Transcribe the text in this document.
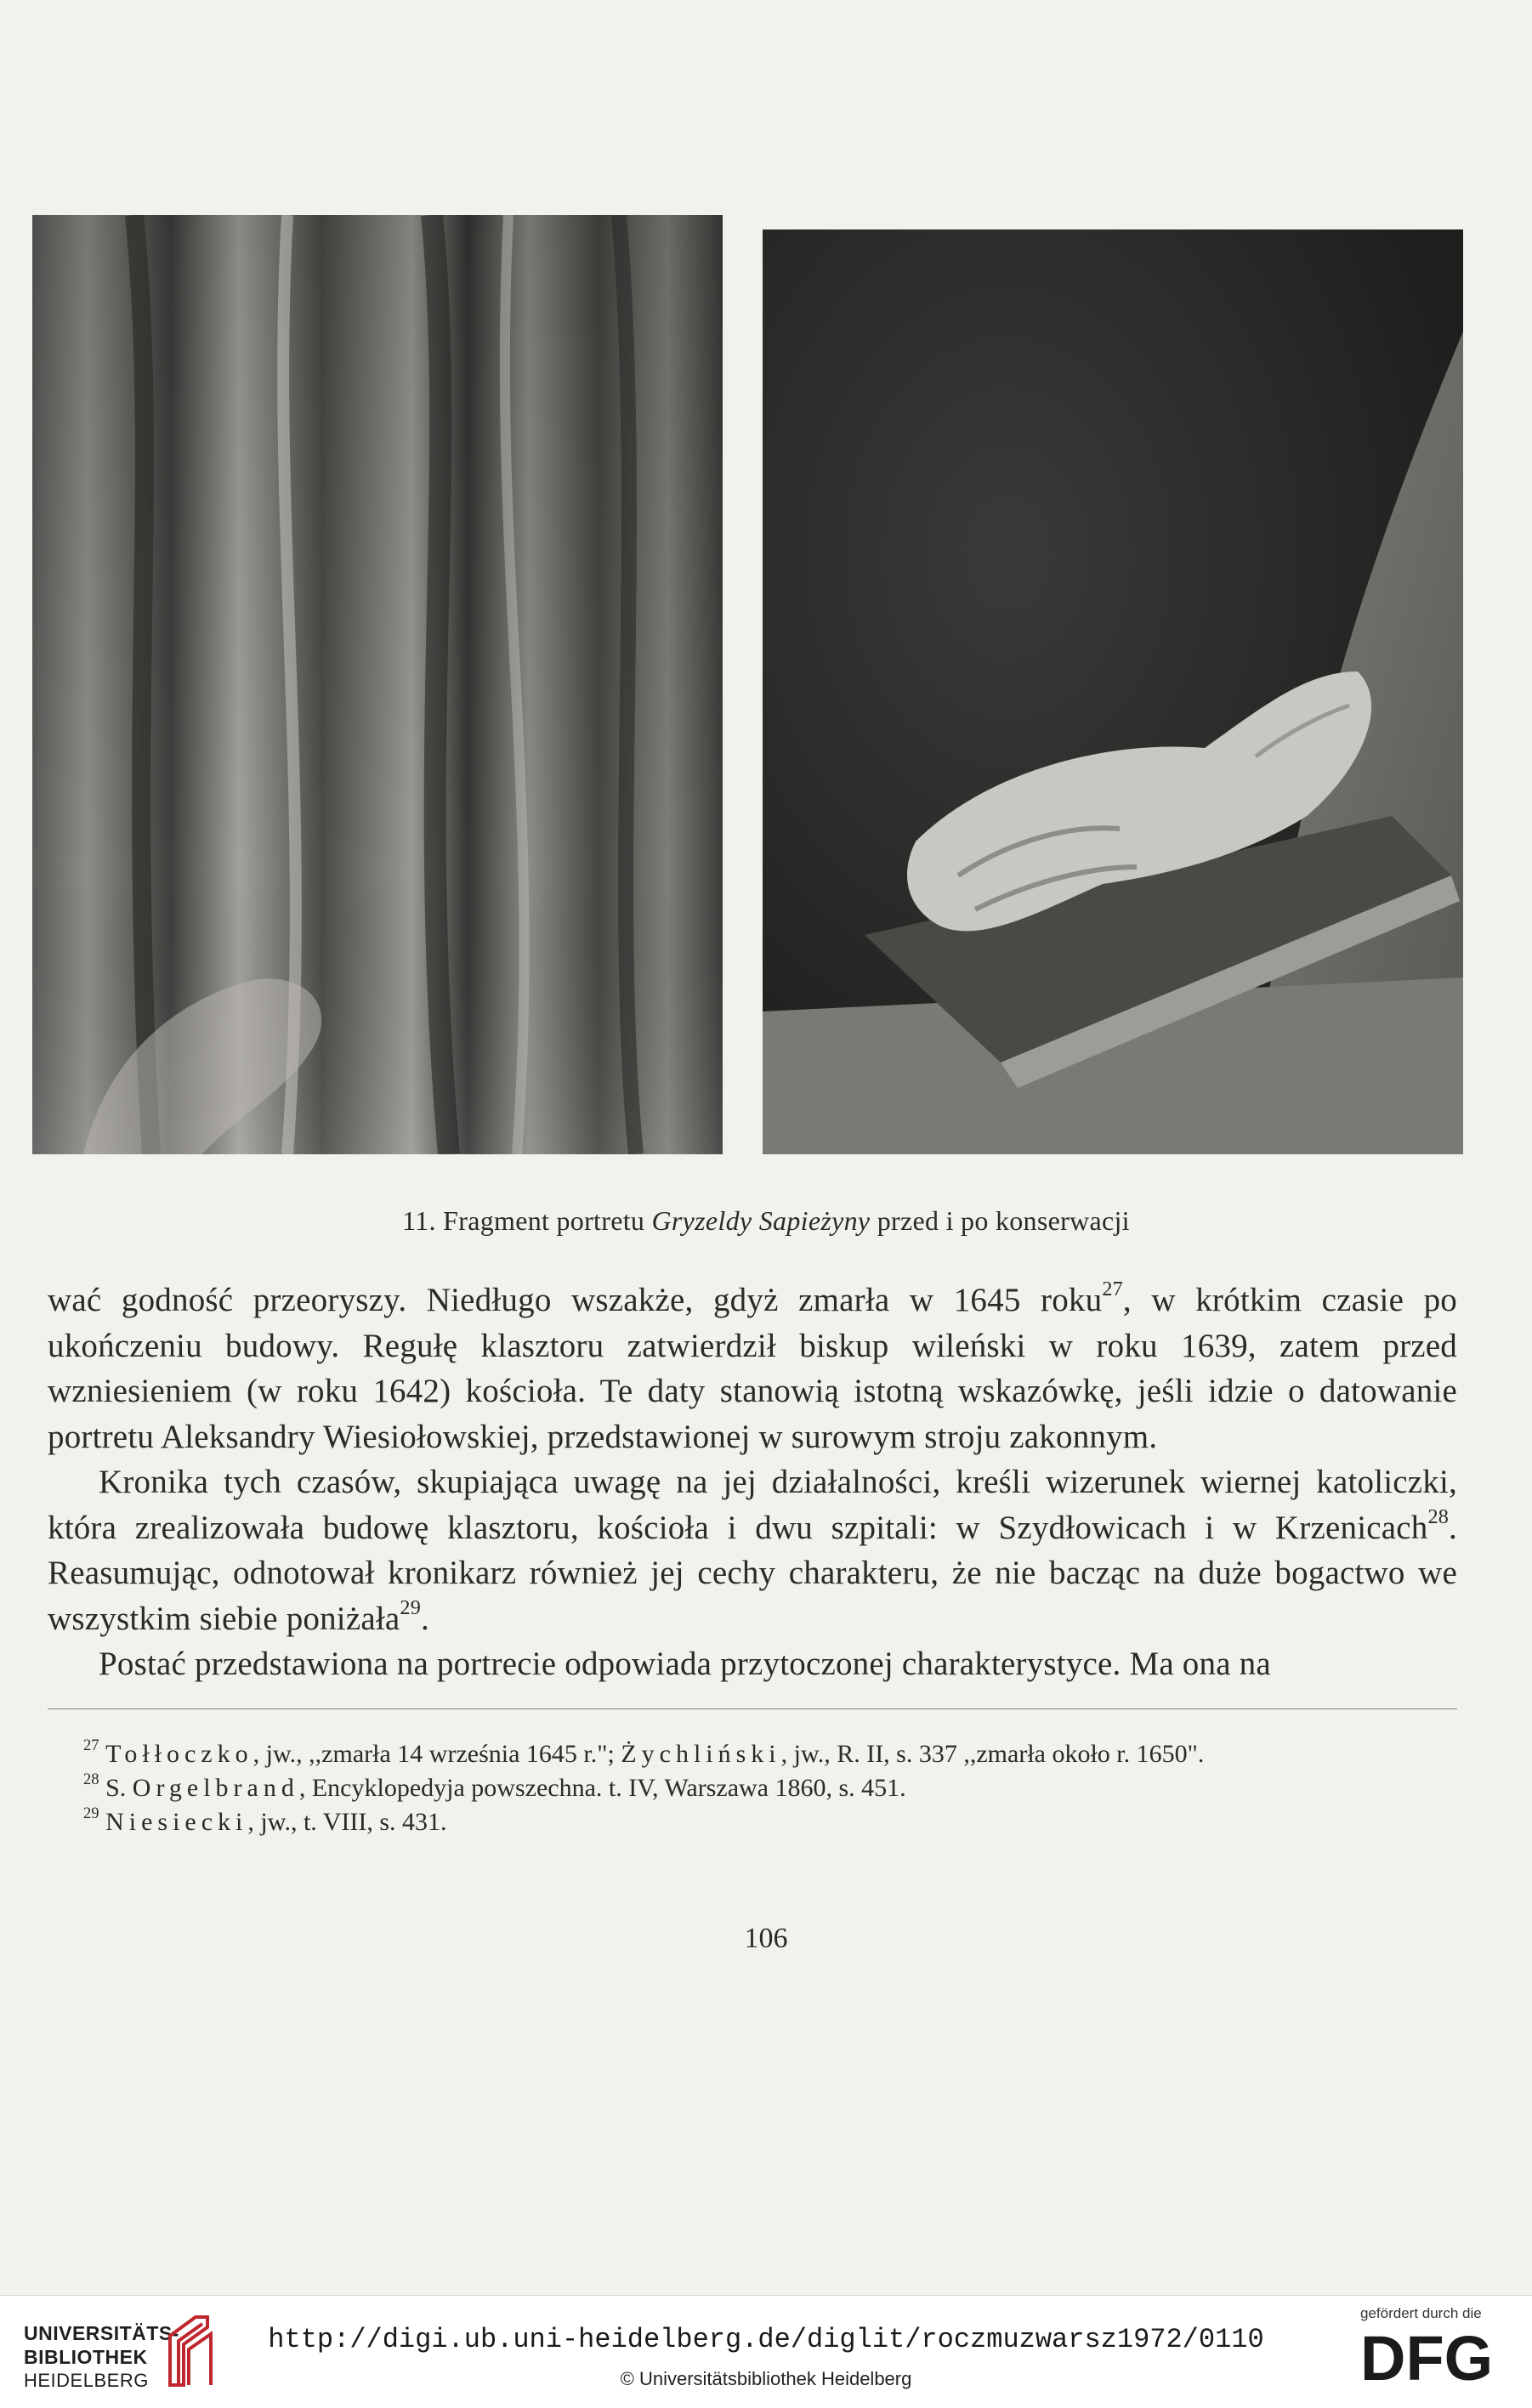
11. Fragment portretu Gryzeldy Sapieżyny przed i po konserwacji

wać godność przeoryszy. Niedługo wszakże, gdyż zmarła w 1645 roku$^{27}$, w krótkim czasie po ukończeniu budowy. Regułę klasztoru zatwierdził biskup wileński w roku 1639, zatem przed wzniesieniem (w roku 1642) kościoła. Te daty stanowią istotną wskazówkę, jeśli idzie o datowanie portretu Aleksandry Wiesiołowskiej, przedstawionej w surowym stroju zakonnym.

Kronika tych czasów, skupiająca uwagę na jej działalności, kreśli wizerunek wiernej katoliczki, która zrealizowała budowę klasztoru, kościoła i dwu szpitali: w Szydłowicach i w Krzenicach$^{28}$. Reasumując, odnotował kronikarz również jej cechy charakteru, że nie bacząc na duże bogactwo we wszystkim siebie poniżała$^{29}$.

Postać przedstawiona na portrecie odpowiada przytoczonej charakterystyce. Ma ona na

$^{27}$ Tołłoczko, jw., ,,zmarła 14 września 1645 r."; Żychliński, jw., R. II, s. 337 ,,zmarła około r. 1650".

$^{28}$ S. Orgelbrand, Encyklopedyja powszechna. t. IV, Warszawa 1860, s. 451.

$^{29}$ Niesiecki, jw., t. VIII, s. 431.

106
UNIVERSITÄTS-
BIBLIOTHEK
HEIDELBERG
http://digi.ub.uni-heidelberg.de/diglit/roczmuzwarsz1972/0110
© Universitätsbibliothek Heidelberg
gefördert durch die
DFG
